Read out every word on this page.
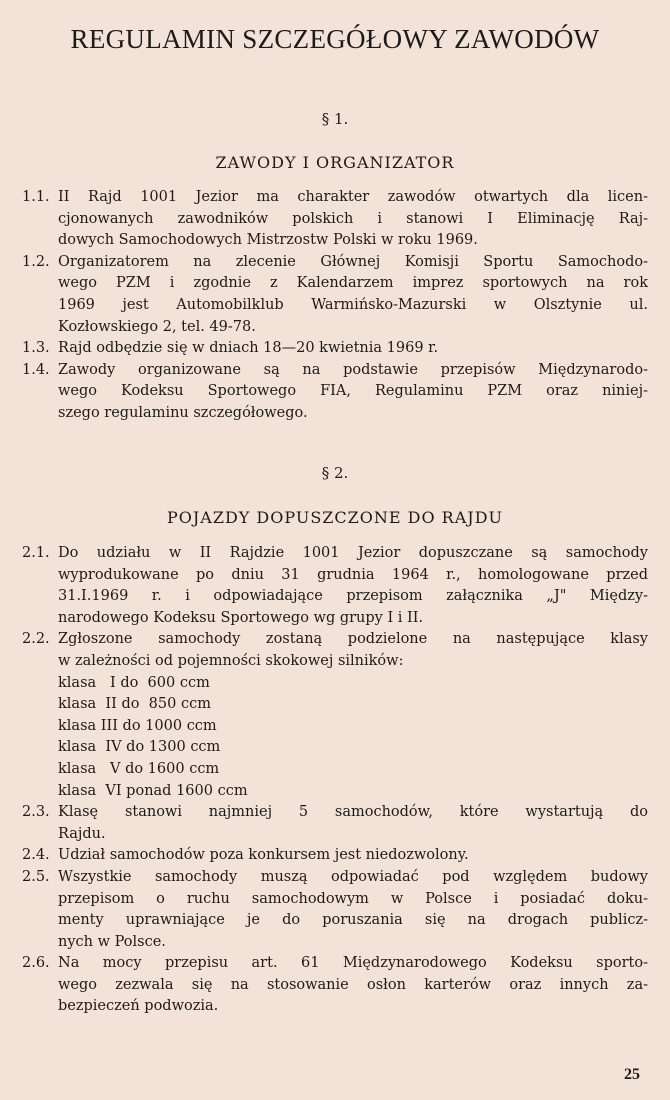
REGULAMIN SZCZEGÓŁOWY ZAWODÓW
§ 1.
ZAWODY I ORGANIZATOR
1.1. II Rajd 1001 Jezior ma charakter zawodów otwartych dla licen-
cjonowanych zawodników polskich i stanowi I Eliminację Raj-
dowych Samochodowych Mistrzostw Polski w roku 1969.
1.2. Organizatorem na zlecenie Głównej Komisji Sportu Samochodo-
wego PZM i zgodnie z Kalendarzem imprez sportowych na rok
1969 jest Automobilklub Warmińsko-Mazurski w Olsztynie ul.
Kozłowskiego 2, tel. 49-78.
1.3. Rajd odbędzie się w dniach 18—20 kwietnia 1969 r.
1.4. Zawody organizowane są na podstawie przepisów Międzynarodo-
wego Kodeksu Sportowego FIA, Regulaminu PZM oraz niniej-
szego regulaminu szczegółowego.
§ 2.
POJAZDY DOPUSZCZONE DO RAJDU
2.1. Do udziału w II Rajdzie 1001 Jezior dopuszczane są samochody
wyprodukowane po dniu 31 grudnia 1964 r., homologowane przed
31.I.1969 r. i odpowiadające przepisom załącznika „J" Między-
narodowego Kodeksu Sportowego wg grupy I i II.
2.2. Zgłoszone samochody zostaną podzielone na następujące klasy
w zależności od pojemności skokowej silników:
klasa   I do  600 ccm
klasa  II do  850 ccm
klasa III do 1000 ccm
klasa  IV do 1300 ccm
klasa   V do 1600 ccm
klasa  VI ponad 1600 ccm
2.3. Klasę stanowi najmniej 5 samochodów, które wystartują do
Rajdu.
2.4. Udział samochodów poza konkursem jest niedozwolony.
2.5. Wszystkie samochody muszą odpowiadać pod względem budowy
przepisom o ruchu samochodowym w Polsce i posiadać doku-
menty uprawniające je do poruszania się na drogach publicz-
nych w Polsce.
2.6. Na mocy przepisu art. 61 Międzynarodowego Kodeksu sporto-
wego zezwala się na stosowanie osłon karterów oraz innych za-
bezpieczeń podwozia.
25
